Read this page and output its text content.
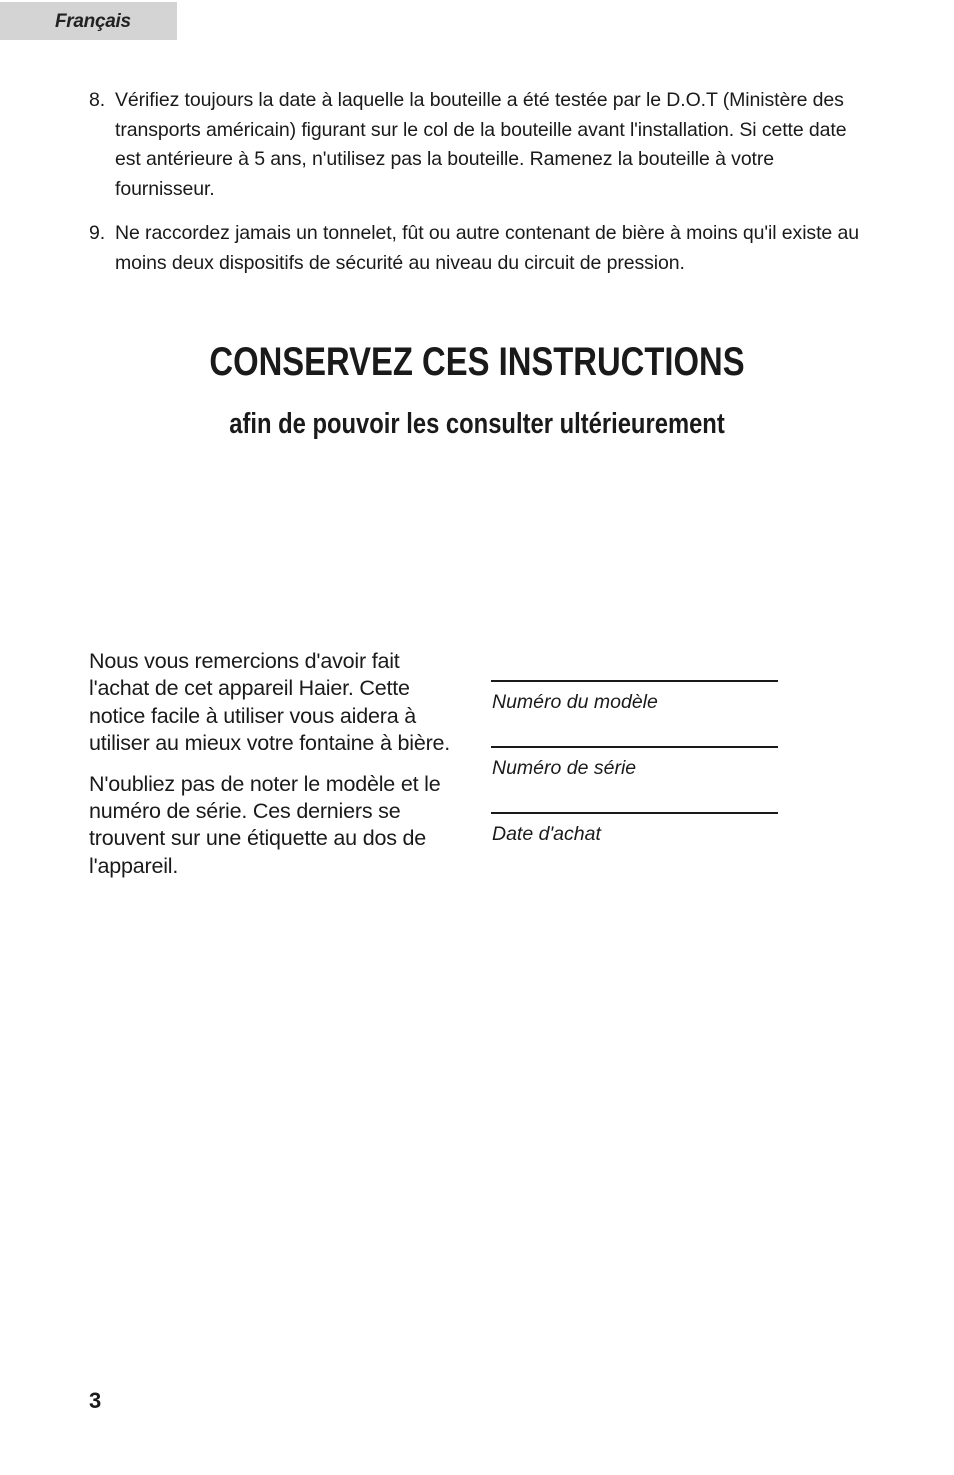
Français
8. Vérifiez toujours la date à laquelle la bouteille a été testée par le D.O.T (Ministère des transports américain) figurant sur le col de la bouteille avant l'installation. Si cette date est antérieure à 5 ans, n'utilisez pas la bouteille. Ramenez la bouteille à votre fournisseur.
9. Ne raccordez jamais un tonnelet, fût ou autre contenant de bière à moins qu'il existe au moins deux dispositifs de sécurité au niveau du circuit de pression.
CONSERVEZ CES INSTRUCTIONS
afin de pouvoir les consulter ultérieurement

Nous vous remercions d'avoir fait l'achat de cet appareil Haier. Cette notice facile à utiliser vous aidera à utiliser au mieux votre fontaine à bière.

N'oubliez pas de noter le modèle et le numéro de série. Ces derniers se trouvent sur une étiquette au dos de l'appareil.

Numéro du modèle
Numéro de série
Date d'achat
3
